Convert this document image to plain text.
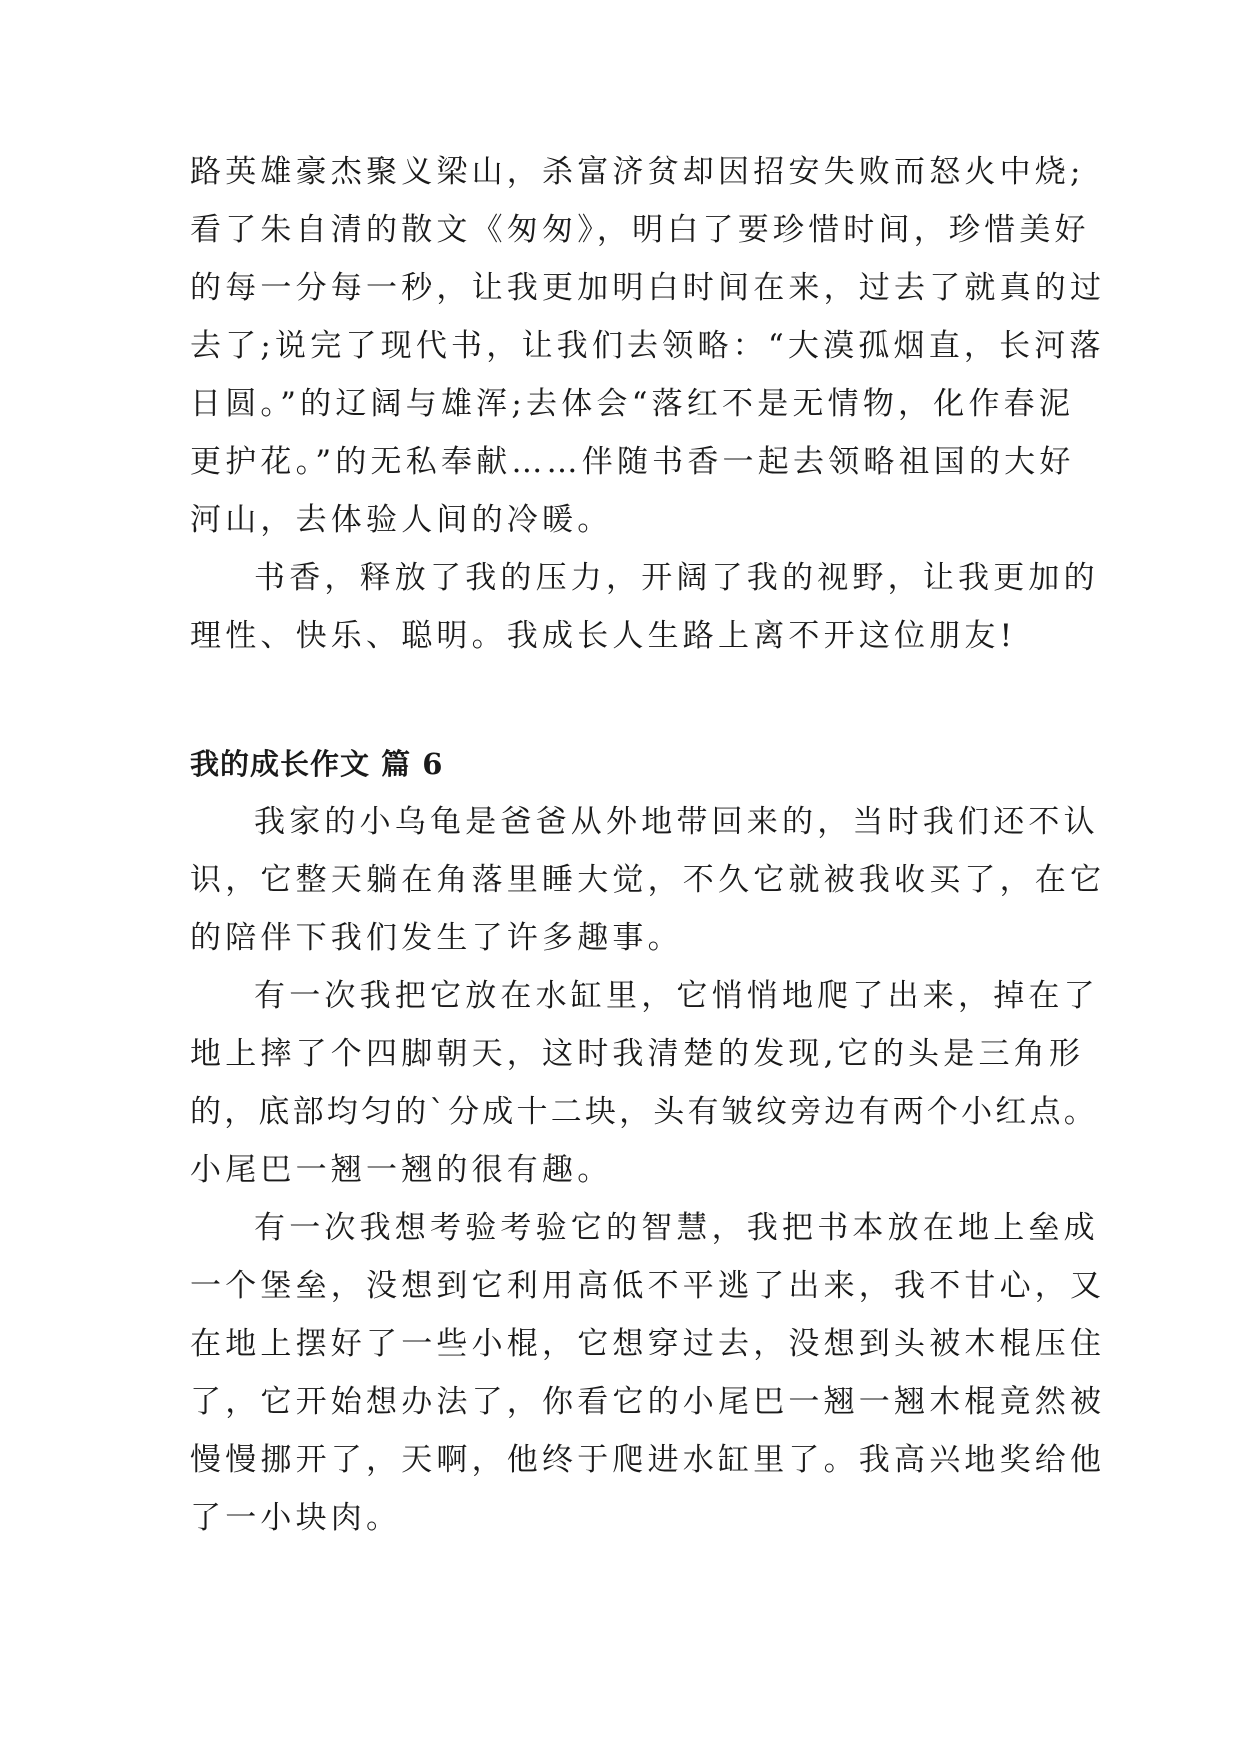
路英雄豪杰聚义梁山，杀富济贫却因招安失败而怒火中烧;

看了朱自清的散文《匆匆》，明白了要珍惜时间，珍惜美好

的每一分每一秒，让我更加明白时间在来，过去了就真的过

去了;说完了现代书，让我们去领略：“大漠孤烟直，长河落

日圆。”的辽阔与雄浑;去体会“落红不是无情物，化作春泥

更护花。”的无私奉献……伴随书香一起去领略祖国的大好

河山，去体验人间的冷暖。

书香，释放了我的压力，开阔了我的视野，让我更加的

理性、快乐、聪明。我成长人生路上离不开这位朋友!

我的成长作文 篇 6

我家的小乌龟是爸爸从外地带回来的，当时我们还不认

识，它整天躺在角落里睡大觉，不久它就被我收买了，在它

的陪伴下我们发生了许多趣事。

有一次我把它放在水缸里，它悄悄地爬了出来，掉在了

地上摔了个四脚朝天，这时我清楚的发现,它的头是三角形

的，底部均匀的`分成十二块，头有皱纹旁边有两个小红点。

小尾巴一翘一翘的很有趣。

有一次我想考验考验它的智慧，我把书本放在地上垒成

一个堡垒，没想到它利用高低不平逃了出来，我不甘心，又

在地上摆好了一些小棍，它想穿过去，没想到头被木棍压住

了，它开始想办法了，你看它的小尾巴一翘一翘木棍竟然被

慢慢挪开了，天啊，他终于爬进水缸里了。我高兴地奖给他

了一小块肉。
